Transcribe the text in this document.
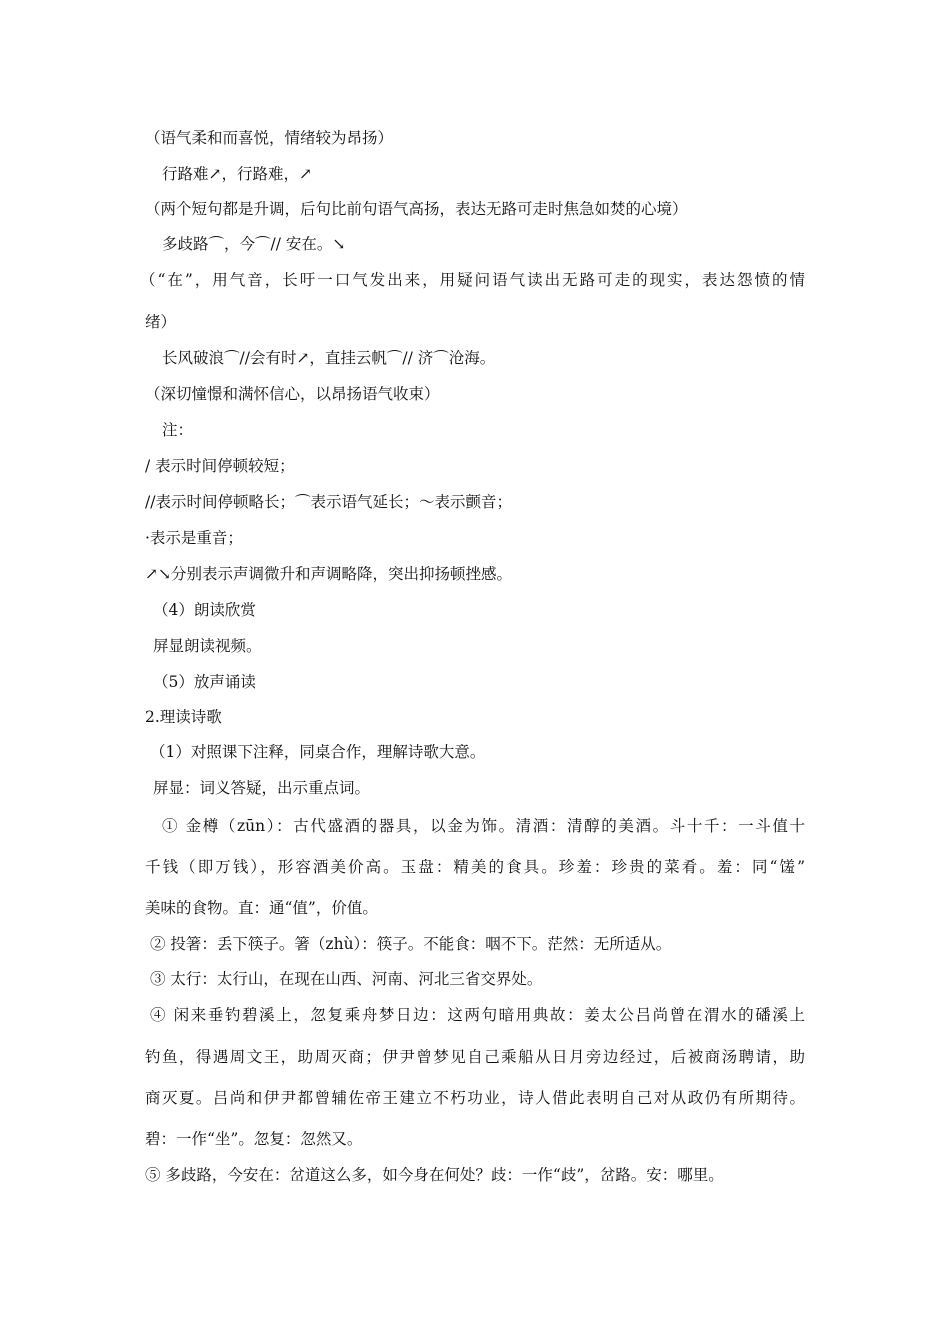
（语气柔和而喜悦，情绪较为昂扬）

行路难↗，行路难，↗

（两个短句都是升调，后句比前句语气高扬，表达无路可走时焦急如焚的心境）

多歧路⌒，今⌒// 安在。↘

（“在”，用气音，长吁一口气发出来，用疑问语气读出无路可走的现实，表达怨愤的情

绪）

长风破浪⌒//会有时↗，直挂云帆⌒// 济⌒沧海。

（深切憧憬和满怀信心，以昂扬语气收束）

注：

/ 表示时间停顿较短；

//表示时间停顿略长；⌒表示语气延长；～表示颤音；

·表示是重音；

↗↘分别表示声调微升和声调略降，突出抑扬顿挫感。

（4）朗读欣赏

屏显朗读视频。

（5）放声诵读

2.理读诗歌

（1）对照课下注释，同桌合作，理解诗歌大意。

屏显：词义答疑，出示重点词。

① 金樽（zūn）：古代盛酒的器具，以金为饰。清酒：清醇的美酒。斗十千：一斗值十

千钱（即万钱），形容酒美价高。玉盘：精美的食具。珍羞：珍贵的菜肴。羞：同“馐”

美味的食物。直：通“值”，价值。

② 投箸：丢下筷子。箸（zhù）：筷子。不能食：咽不下。茫然：无所适从。

③ 太行：太行山，在现在山西、河南、河北三省交界处。

④ 闲来垂钓碧溪上，忽复乘舟梦日边：这两句暗用典故：姜太公吕尚曾在渭水的磻溪上

钓鱼，得遇周文王，助周灭商；伊尹曾梦见自己乘船从日月旁边经过，后被商汤聘请，助

商灭夏。吕尚和伊尹都曾辅佐帝王建立不朽功业，诗人借此表明自己对从政仍有所期待。

碧：一作“坐”。忽复：忽然又。

⑤ 多歧路，今安在：岔道这么多，如今身在何处？歧：一作“歧”，岔路。安：哪里。
